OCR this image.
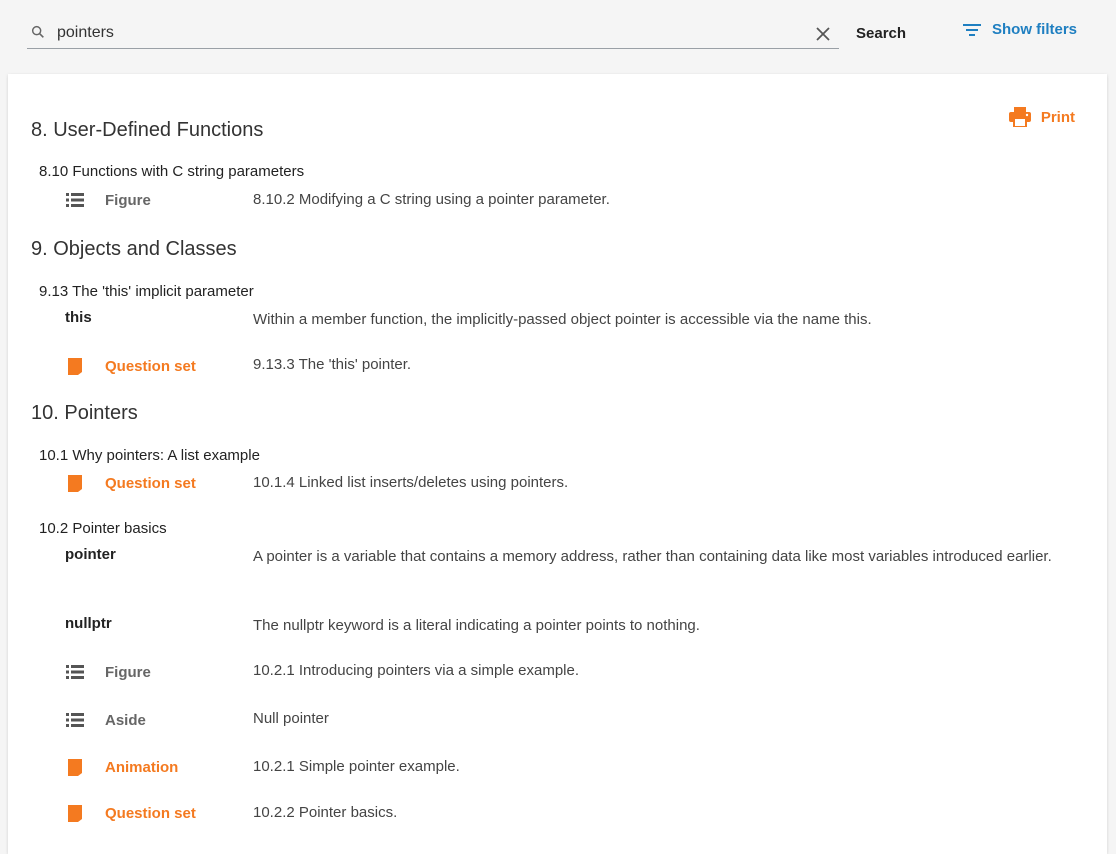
pointers
Search	Show filters
Print
8. User-Defined Functions
8.10 Functions with C string parameters
Figure	8.10.2 Modifying a C string using a pointer parameter.
9. Objects and Classes
9.13 The 'this' implicit parameter
this	Within a member function, the implicitly-passed object pointer is accessible via the name this.
Question set	9.13.3 The 'this' pointer.
10. Pointers
10.1 Why pointers: A list example
Question set	10.1.4 Linked list inserts/deletes using pointers.
10.2 Pointer basics
pointer	A pointer is a variable that contains a memory address, rather than containing data like most variables introduced earlier.
nullptr	The nullptr keyword is a literal indicating a pointer points to nothing.
Figure	10.2.1 Introducing pointers via a simple example.
Aside	Null pointer
Animation	10.2.1 Simple pointer example.
Question set	10.2.2 Pointer basics.
